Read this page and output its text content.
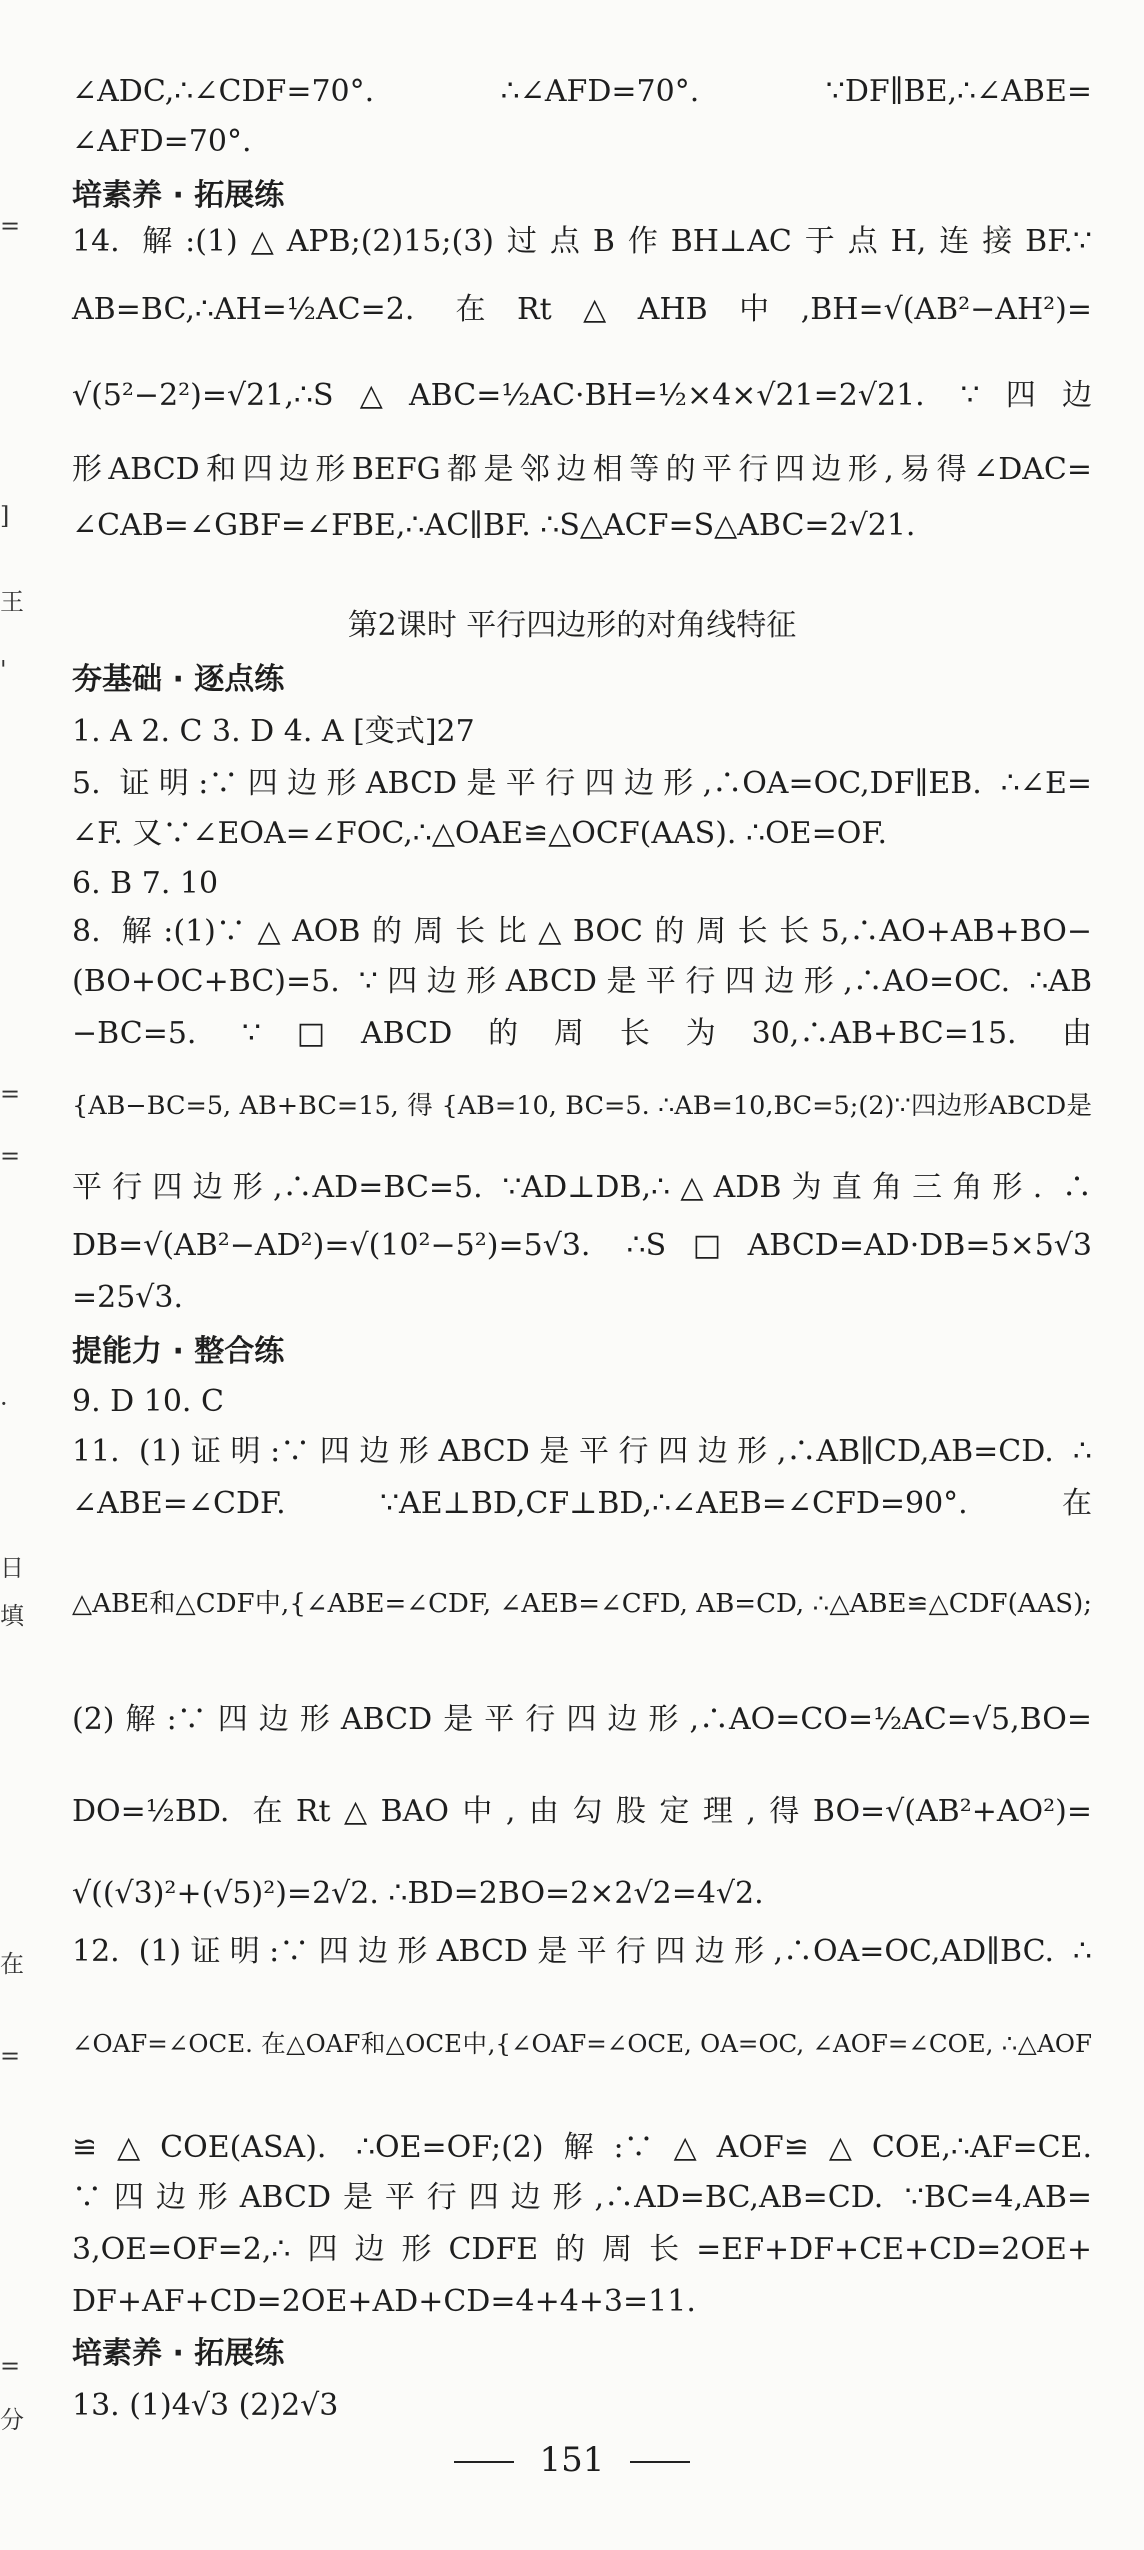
=
]
王
'
=
=
·
日
填
在
=
=
分
∠ADC,∴∠CDF=70°. ∴∠AFD=70°. ∵DF∥BE,∴∠ABE=
∠AFD=70°.
培素养 · 拓展练
14. 解:(1)△APB;(2)15;(3)过点B作BH⊥AC于点H,连接BF.∵
AB=BC,∴AH=½AC=2. 在Rt△AHB中,BH=√(AB²−AH²)=
√(5²−2²)=√21,∴S△ABC=½AC·BH=½×4×√21=2√21. ∵四边
形ABCD和四边形BEFG都是邻边相等的平行四边形,易得∠DAC=
∠CAB=∠GBF=∠FBE,∴AC∥BF. ∴S△ACF=S△ABC=2√21.
第2课时 平行四边形的对角线特征
夯基础 · 逐点练
1. A 2. C 3. D 4. A [变式]27
5. 证明:∵四边形ABCD是平行四边形,∴OA=OC,DF∥EB. ∴∠E=
∠F. 又∵∠EOA=∠FOC,∴△OAE≌△OCF(AAS). ∴OE=OF.
6. B 7. 10
8. 解:(1)∵△AOB的周长比△BOC的周长长5,∴AO+AB+BO−
(BO+OC+BC)=5. ∵四边形ABCD是平行四边形,∴AO=OC. ∴AB
−BC=5. ∵□ABCD的周长为30,∴AB+BC=15. 由
{AB−BC=5, AB+BC=15, 得 {AB=10, BC=5. ∴AB=10,BC=5;(2)∵四边形ABCD是
平行四边形,∴AD=BC=5. ∵AD⊥DB,∴△ADB为直角三角形. ∴
DB=√(AB²−AD²)=√(10²−5²)=5√3. ∴S□ABCD=AD·DB=5×5√3
=25√3.
提能力 · 整合练
9. D 10. C
11. (1)证明:∵四边形ABCD是平行四边形,∴AB∥CD,AB=CD. ∴
∠ABE=∠CDF. ∵AE⊥BD,CF⊥BD,∴∠AEB=∠CFD=90°. 在
△ABE和△CDF中,{∠ABE=∠CDF, ∠AEB=∠CFD, AB=CD, ∴△ABE≌△CDF(AAS);
(2)解:∵四边形ABCD是平行四边形,∴AO=CO=½AC=√5,BO=
DO=½BD. 在Rt△BAO中,由勾股定理,得BO=√(AB²+AO²)=
√((√3)²+(√5)²)=2√2. ∴BD=2BO=2×2√2=4√2.
12. (1)证明:∵四边形ABCD是平行四边形,∴OA=OC,AD∥BC. ∴
∠OAF=∠OCE. 在△OAF和△OCE中,{∠OAF=∠OCE, OA=OC, ∠AOF=∠COE, ∴△AOF
≌△COE(ASA). ∴OE=OF;(2)解:∵△AOF≌△COE,∴AF=CE.
∵四边形ABCD是平行四边形,∴AD=BC,AB=CD. ∵BC=4,AB=
3,OE=OF=2,∴四边形CDFE的周长=EF+DF+CE+CD=2OE+
DF+AF+CD=2OE+AD+CD=4+4+3=11.
培素养 · 拓展练
13. (1)4√3 (2)2√3
151
